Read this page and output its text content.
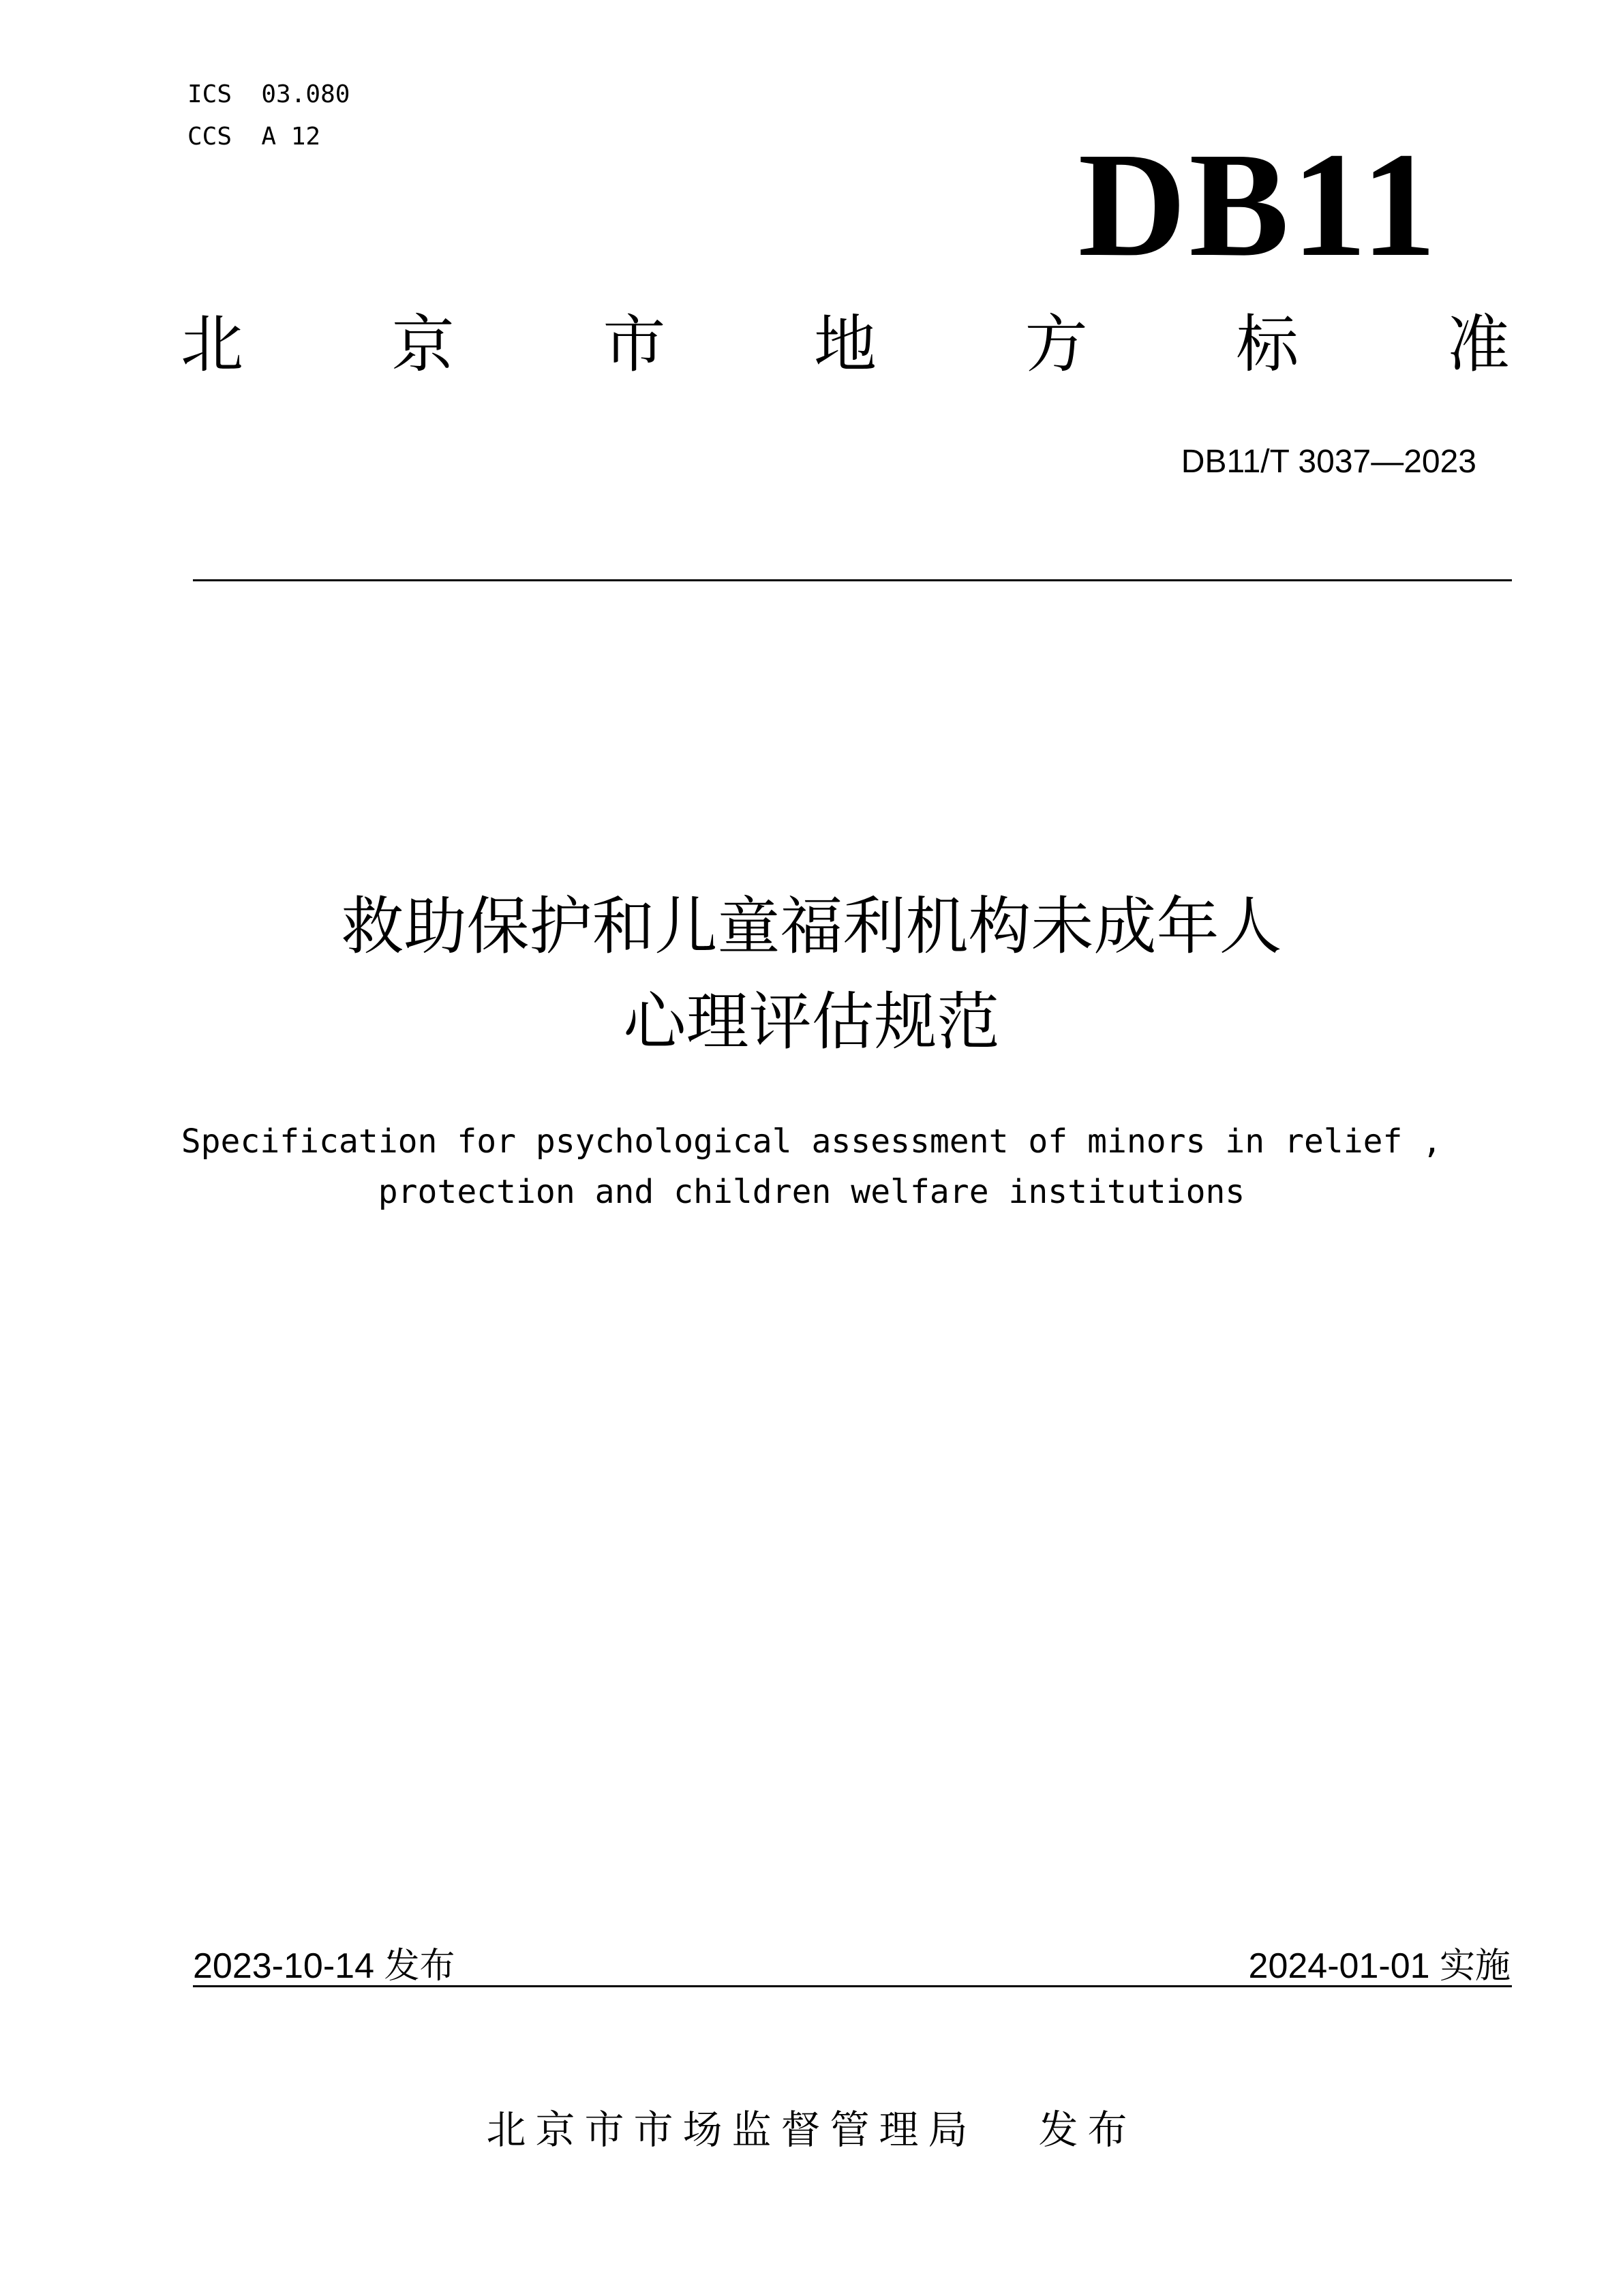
ICS  03.080
CCS  A 12	DB11
北 京 市 地 方 标 准
DB11/T 3037—2023
救助保护和儿童福利机构未成年人
心理评估规范
Specification for psychological assessment of minors in relief ,
protection and children welfare institutions
2023-10-14 发布	2024-01-01 实施
北京市市场监督管理局 发布
